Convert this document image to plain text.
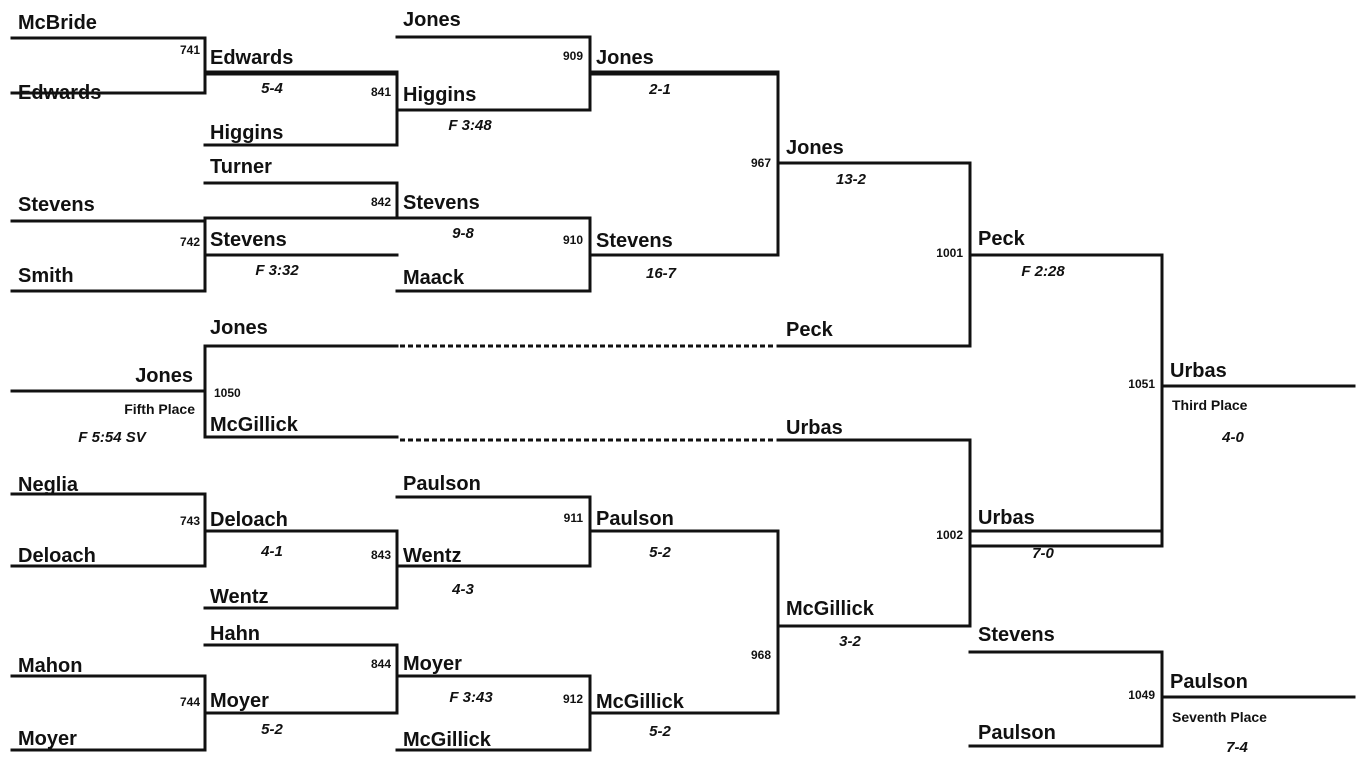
McBride
Edwards
Stevens
Smith
Neglia
Deloach
Mahon
Moyer
Edwards
Higgins
Turner
Stevens
Jones
McGillick
Deloach
Wentz
Hahn
Moyer
Jones
Higgins
Stevens
Maack
Paulson
Wentz
Moyer
McGillick
Jones
Stevens
Paulson
McGillick
Jones
Peck
Urbas
McGillick
Peck
Urbas
Stevens
Paulson
Urbas
Paulson
Jones
741
742
743
744
841
842
843
844
909
910
911
912
967
968
1001
1002
1051
1049
1050
5-4
F 3:32
4-1
5-2
F 3:48
9-8
4-3
F 3:43
2-1
16-7
5-2
5-2
13-2
3-2
F 2:28
7-0
4-0
7-4
F 5:54 SV
Fifth Place	Third Place
Seventh Place
